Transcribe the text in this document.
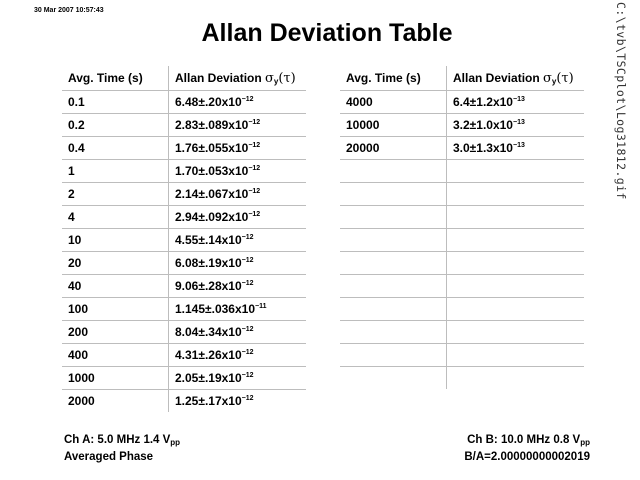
30 Mar 2007 10:57:43
Allan Deviation Table	C:\tvb\TSCplot\Log31812.gif
Avg. Time (s)	Allan Deviation $\sigma_y(\tau)$
0.1	$6.48\pm.20x10^{-12}$
0.2	$2.83\pm.089x10^{-12}$
0.4	$1.76\pm.055x10^{-12}$
1	$1.70\pm.053x10^{-12}$
2	$2.14\pm.067x10^{-12}$
4	$2.94\pm.092x10^{-12}$
10	$4.55\pm.14x10^{-12}$
20	$6.08\pm.19x10^{-12}$
40	$9.06\pm.28x10^{-12}$
100	$1.145\pm.036x10^{-11}$
200	$8.04\pm.34x10^{-12}$
400	$4.31\pm.26x10^{-12}$
1000	$2.05\pm.19x10^{-12}$
2000	$1.25\pm.17x10^{-12}$
Avg. Time (s)	Allan Deviation $\sigma_y(\tau)$
4000	$6.4\pm 1.2x10^{-13}$
10000	$3.2\pm 1.0x10^{-13}$
20000	$3.0\pm 1.3x10^{-13}$

Ch A: 5.0 MHz 1.4 Vpp
Averaged Phase
Ch B: 10.0 MHz 0.8 Vpp
B/A=2.00000000002019
